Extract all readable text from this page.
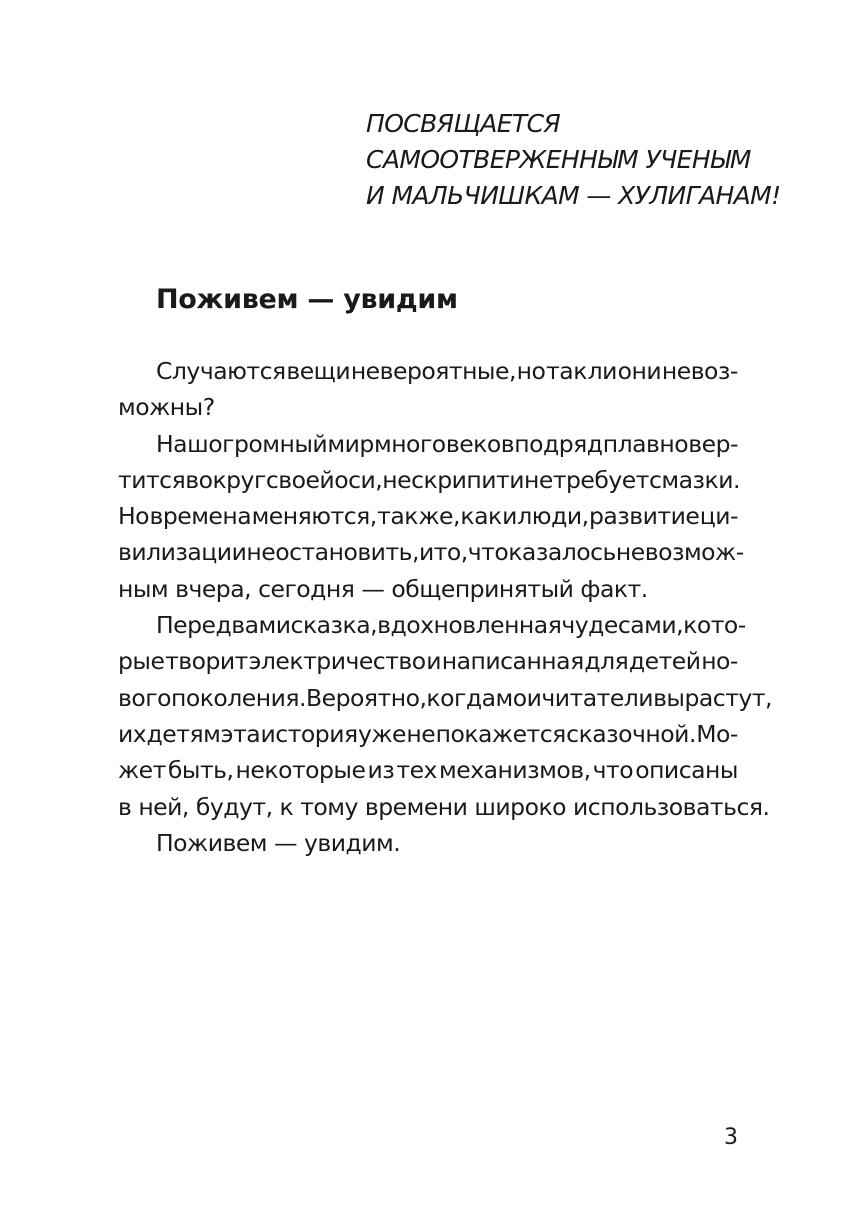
ПОСВЯЩАЕТСЯ
САМООТВЕРЖЕННЫМ УЧЕНЫМ
И МАЛЬЧИШКАМ — ХУЛИГАНАМ!
Поживем — увидим

Случаются вещи невероятные, но так ли они невоз-
можны?

Наш огромный мир много веков подряд плавно вер-
тится вокруг своей оси, не скрипит и не требует смазки.
Но времена меняются, так же, как и люди, развитие ци-
вилизации не остановить, и то, что казалось невозмож-
ным вчера, сегодня — общепринятый факт.

Перед вами сказка, вдохновленная чудесами, кото-
рые творит электричество и написанная для детей но-
вого поколения. Вероятно, когда мои читатели вырастут,
их детям эта история уже не покажется сказочной. Мо-
жет быть, некоторые из тех механизмов, что описаны
в ней, будут, к тому времени широко использоваться.

Поживем — увидим.

3
